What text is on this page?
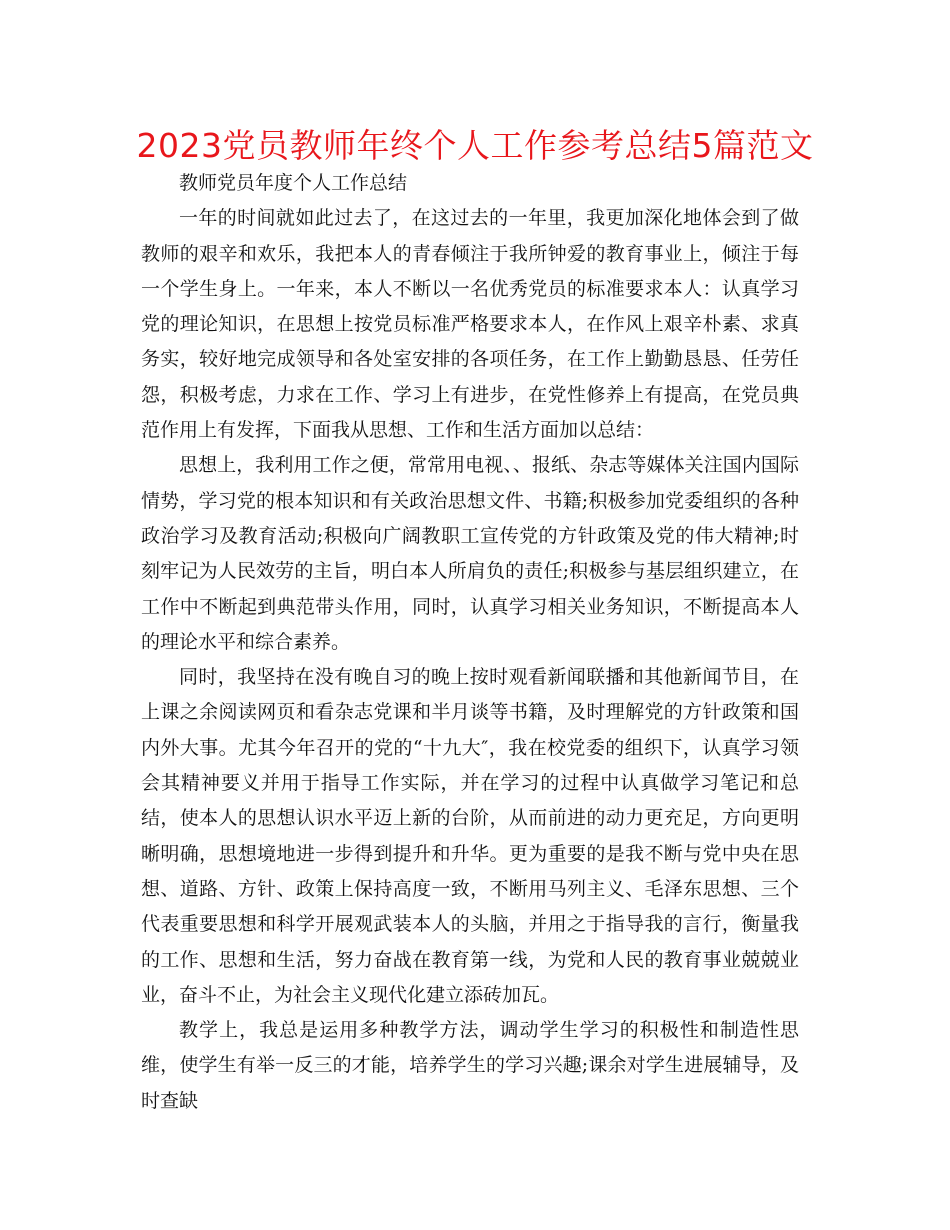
2023党员教师年终个人工作参考总结5篇范文

教师党员年度个人工作总结

一年的时间就如此过去了，在这过去的一年里，我更加深化地体会到了做教师的艰辛和欢乐，我把本人的青春倾注于我所钟爱的教育事业上，倾注于每一个学生身上。一年来，本人不断以一名优秀党员的标准要求本人：认真学习党的理论知识，在思想上按党员标准严格要求本人，在作风上艰辛朴素、求真务实，较好地完成领导和各处室安排的各项任务，在工作上勤勤恳恳、任劳任怨，积极考虑，力求在工作、学习上有进步，在党性修养上有提高，在党员典范作用上有发挥，下面我从思想、工作和生活方面加以总结：

思想上，我利用工作之便，常常用电视、、报纸、杂志等媒体关注国内国际情势，学习党的根本知识和有关政治思想文件、书籍;积极参加党委组织的各种政治学习及教育活动;积极向广阔教职工宣传党的方针政策及党的伟大精神;时刻牢记为人民效劳的主旨，明白本人所肩负的责任;积极参与基层组织建立，在工作中不断起到典范带头作用，同时，认真学习相关业务知识，不断提高本人的理论水平和综合素养。

同时，我坚持在没有晚自习的晚上按时观看新闻联播和其他新闻节目，在上课之余阅读网页和看杂志党课和半月谈等书籍，及时理解党的方针政策和国内外大事。尤其今年召开的党的“十九大″，我在校党委的组织下，认真学习领会其精神要义并用于指导工作实际，并在学习的过程中认真做学习笔记和总结，使本人的思想认识水平迈上新的台阶，从而前进的动力更充足，方向更明晰明确，思想境地进一步得到提升和升华。更为重要的是我不断与党中央在思想、道路、方针、政策上保持高度一致，不断用马列主义、毛泽东思想、三个代表重要思想和科学开展观武装本人的头脑，并用之于指导我的言行，衡量我的工作、思想和生活，努力奋战在教育第一线，为党和人民的教育事业兢兢业业，奋斗不止，为社会主义现代化建立添砖加瓦。

教学上，我总是运用多种教学方法，调动学生学习的积极性和制造性思维，使学生有举一反三的才能，培养学生的学习兴趣;课余对学生进展辅导，及时查缺
